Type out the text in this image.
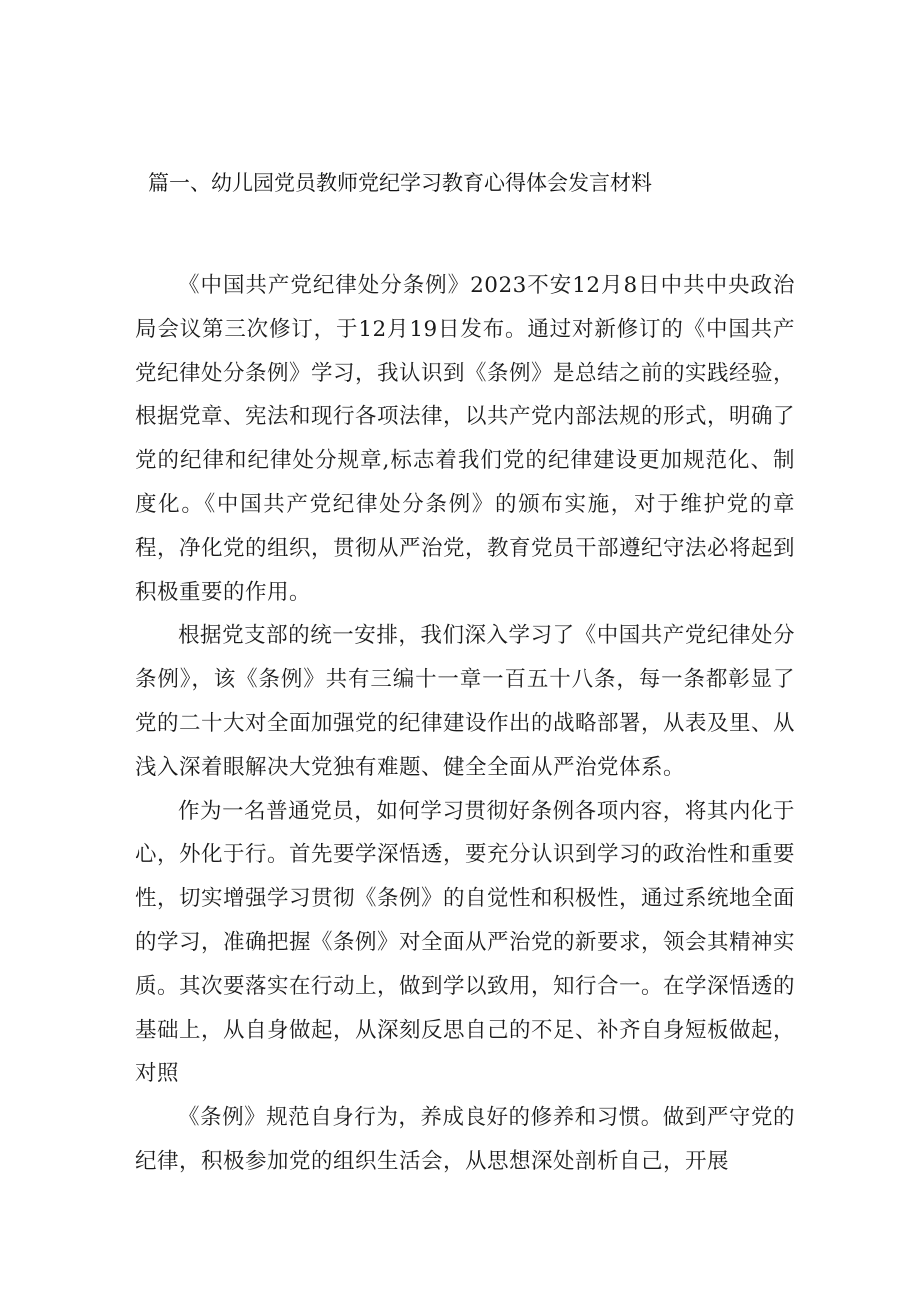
篇一、幼儿园党员教师党纪学习教育心得体会发言材料

《中国共产党纪律处分条例》2023不安12月8日中共中央政治局会议第三次修订，于12月19日发布。通过对新修订的《中国共产党纪律处分条例》学习，我认识到《条例》是总结之前的实践经验，根据党章、宪法和现行各项法律，以共产党内部法规的形式，明确了党的纪律和纪律处分规章,标志着我们党的纪律建设更加规范化、制度化。《中国共产党纪律处分条例》的颁布实施，对于维护党的章程，净化党的组织，贯彻从严治党，教育党员干部遵纪守法必将起到积极重要的作用。

根据党支部的统一安排，我们深入学习了《中国共产党纪律处分条例》，该《条例》共有三编十一章一百五十八条，每一条都彰显了党的二十大对全面加强党的纪律建设作出的战略部署，从表及里、从浅入深着眼解决大党独有难题、健全全面从严治党体系。

作为一名普通党员，如何学习贯彻好条例各项内容，将其内化于心，外化于行。首先要学深悟透，要充分认识到学习的政治性和重要性，切实增强学习贯彻《条例》的自觉性和积极性，通过系统地全面的学习，准确把握《条例》对全面从严治党的新要求，领会其精神实质。其次要落实在行动上，做到学以致用，知行合一。在学深悟透的基础上，从自身做起，从深刻反思自己的不足、补齐自身短板做起，对照

《条例》规范自身行为，养成良好的修养和习惯。做到严守党的纪律，积极参加党的组织生活会，从思想深处剖析自己，开展
